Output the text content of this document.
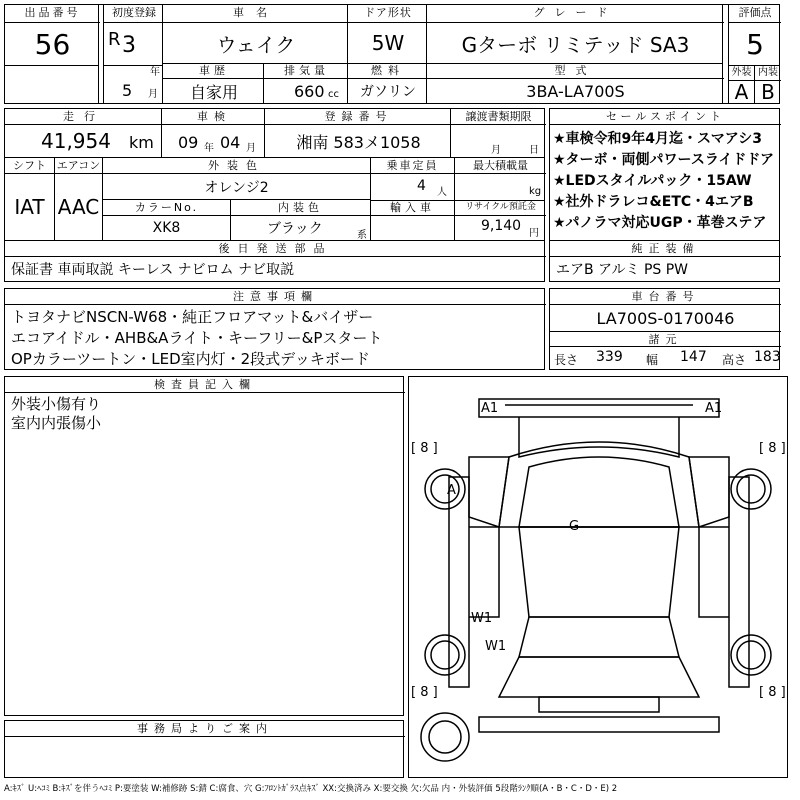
出品番号
56
初度登録
R 3
年
5 月
車名
ウェイク
ドア形状
5W
グレード
Gターボ リミテッド SA3
評価点
5
外装 内装
A B
車歴
自家用
排気量
660 cc
燃料
ガソリン
型式
3BA-LA700S
走行
41,954 km
車検
09 年 04 月
登録番号
湘南 583メ1058
譲渡書類期限
月	日
シフト
IAT
エアコン
AAC
外装色
オレンジ2
乗車定員
4 人
最大積載量
kg
カラーNo.
XK8
内装色
ブラック	系
輸入車	リサイクル預託金
9,140 円
後日発送部品
保証書 車両取説 キーレス ナビロム ナビ取説
セールスポイント
★車検令和9年4月迄・スマアシ3
★ターボ・両側パワースライドドア
★LEDスタイルパック・15AW
★社外ドラレコ&ETC・4エアB
★パノラマ対応UGP・革巻ステア
純正装備
エアB アルミ PS PW
注意事項欄
トヨタナビNSCN-W68・純正フロアマット&バイザー
エコアイドル・AHB&Aライト・キーフリー&Pスタート
OPカラーツートン・LED室内灯・2段式デッキボード
車台番号
LA700S-0170046
諸元
長さ 339 幅 147 高さ 183
検査員記入欄
外装小傷有り
室内内張傷小
事務局よりご案内
A1	A1
[ 8 ]	[ 8 ]
[ 8 ]	[ 8 ]
A
G
W1
W1
A:ｷｽﾞ U:ﾍｺﾐ B:ｷｽﾞを伴うﾍｺﾐ P:要塗装 W:補修跡 S:錆 C:腐食、穴 G:ﾌﾛﾝﾄｶﾞﾗｽ点ｷｽﾞ XX:交換済み X:要交換 欠:欠品 内・外装評価 5段階ﾗﾝｸ順(A・B・C・D・E) 2
